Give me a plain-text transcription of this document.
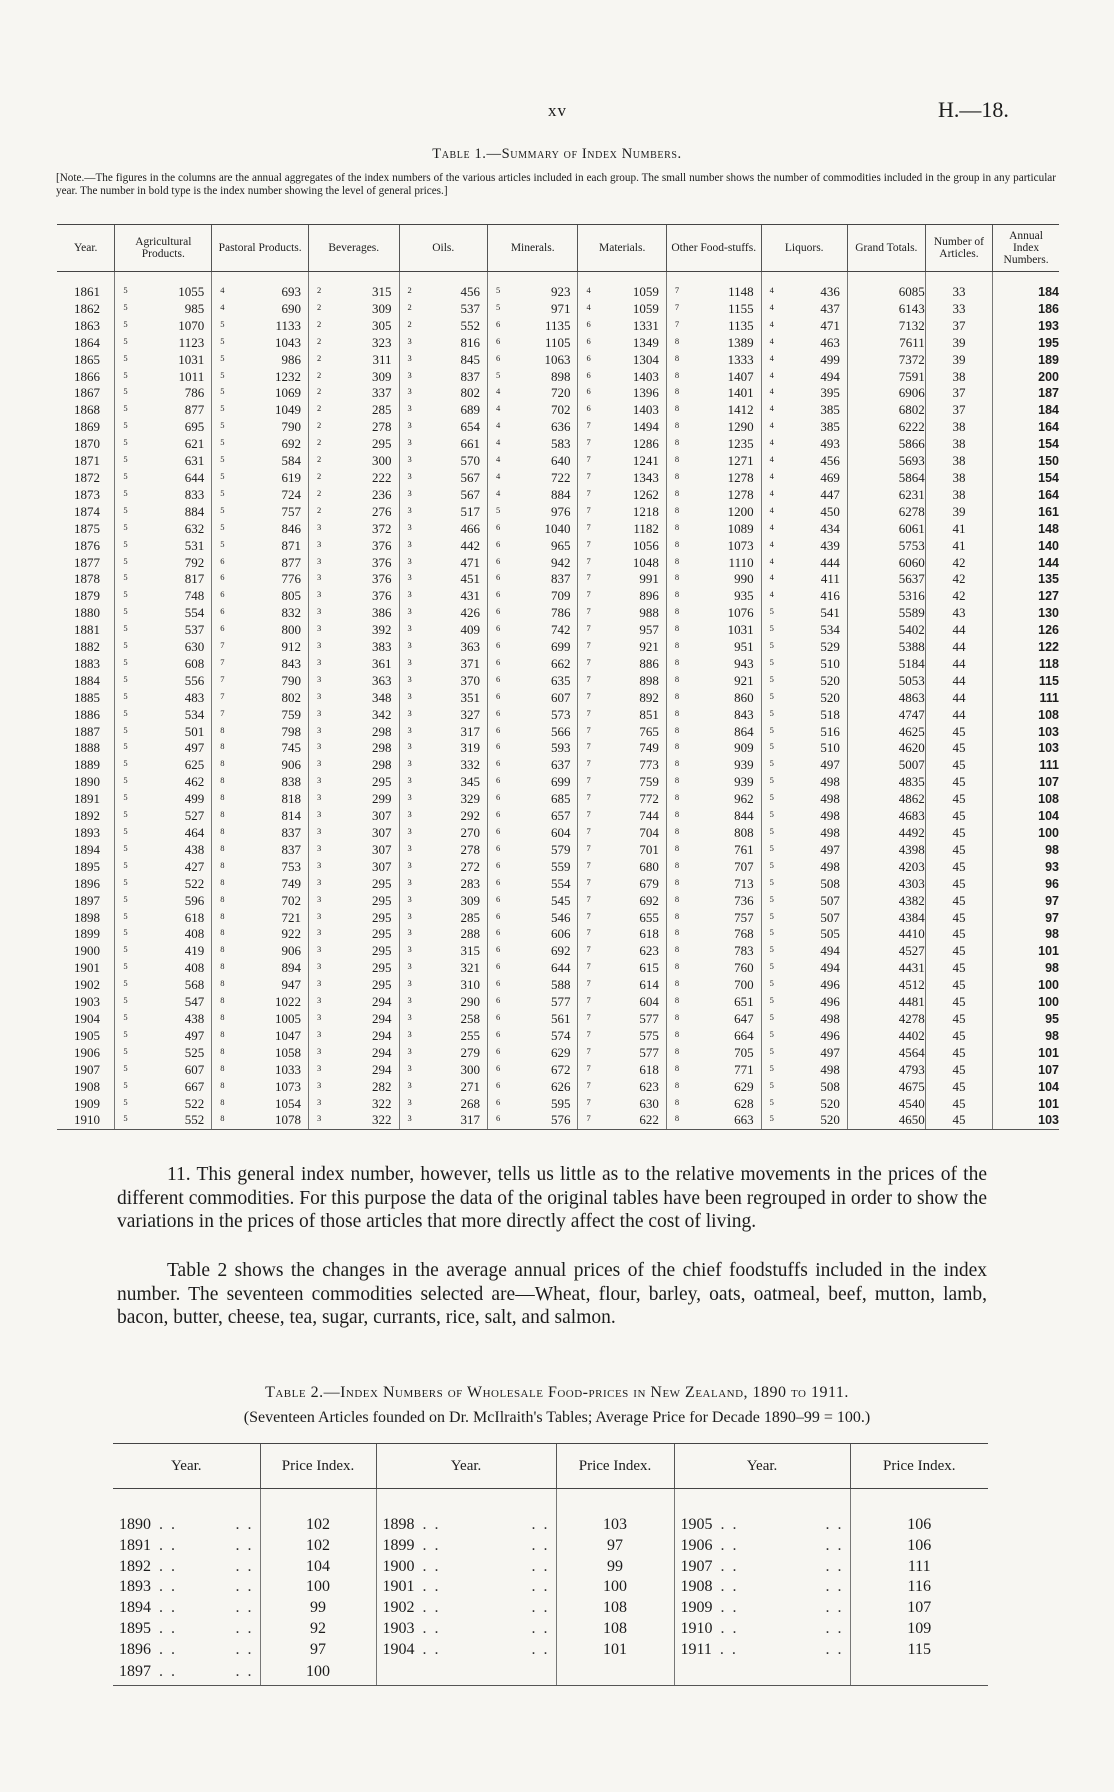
xv	H.—18.
Table 1.—Summary of Index Numbers.
[Note.—The figures in the columns are the annual aggregates of the index numbers of the various articles included in each group. The small number shows the number of commodities included in the group in any particular year. The number in bold type is the index number showing the level of general prices.]
Year.	Agricultural Products.	Pastoral Products.	Beverages.	Oils.	Minerals.	Materials.	Other Food-stuffs.	Liquors.	Grand Totals.	Number of Articles.	Annual Index Numbers.

1861	5 1055	4 693	2 315	2 456	5 923	4 1059	7 1148	4 436	6085	33	184
1862	5 985	4 690	2 309	2 537	5 971	4 1059	7 1155	4 437	6143	33	186
1863	5 1070	5 1133	2 305	2 552	6 1135	6 1331	7 1135	4 471	7132	37	193
1864	5 1123	5 1043	2 323	3 816	6 1105	6 1349	8 1389	4 463	7611	39	195
1865	5 1031	5 986	2 311	3 845	6 1063	6 1304	8 1333	4 499	7372	39	189
1866	5 1011	5 1232	2 309	3 837	5 898	6 1403	8 1407	4 494	7591	38	200
1867	5 786	5 1069	2 337	3 802	4 720	6 1396	8 1401	4 395	6906	37	187
1868	5 877	5 1049	2 285	3 689	4 702	6 1403	8 1412	4 385	6802	37	184
1869	5 695	5 790	2 278	3 654	4 636	7 1494	8 1290	4 385	6222	38	164
1870	5 621	5 692	2 295	3 661	4 583	7 1286	8 1235	4 493	5866	38	154
1871	5 631	5 584	2 300	3 570	4 640	7 1241	8 1271	4 456	5693	38	150
1872	5 644	5 619	2 222	3 567	4 722	7 1343	8 1278	4 469	5864	38	154
1873	5 833	5 724	2 236	3 567	4 884	7 1262	8 1278	4 447	6231	38	164
1874	5 884	5 757	2 276	3 517	5 976	7 1218	8 1200	4 450	6278	39	161
1875	5 632	5 846	3 372	3 466	6 1040	7 1182	8 1089	4 434	6061	41	148
1876	5 531	5 871	3 376	3 442	6 965	7 1056	8 1073	4 439	5753	41	140
1877	5 792	6 877	3 376	3 471	6 942	7 1048	8 1110	4 444	6060	42	144
1878	5 817	6 776	3 376	3 451	6 837	7 991	8 990	4 411	5637	42	135
1879	5 748	6 805	3 376	3 431	6 709	7 896	8 935	4 416	5316	42	127
1880	5 554	6 832	3 386	3 426	6 786	7 988	8 1076	5 541	5589	43	130
1881	5 537	6 800	3 392	3 409	6 742	7 957	8 1031	5 534	5402	44	126
1882	5 630	7 912	3 383	3 363	6 699	7 921	8 951	5 529	5388	44	122
1883	5 608	7 843	3 361	3 371	6 662	7 886	8 943	5 510	5184	44	118
1884	5 556	7 790	3 363	3 370	6 635	7 898	8 921	5 520	5053	44	115
1885	5 483	7 802	3 348	3 351	6 607	7 892	8 860	5 520	4863	44	111
1886	5 534	7 759	3 342	3 327	6 573	7 851	8 843	5 518	4747	44	108
1887	5 501	8 798	3 298	3 317	6 566	7 765	8 864	5 516	4625	45	103
1888	5 497	8 745	3 298	3 319	6 593	7 749	8 909	5 510	4620	45	103
1889	5 625	8 906	3 298	3 332	6 637	7 773	8 939	5 497	5007	45	111
1890	5 462	8 838	3 295	3 345	6 699	7 759	8 939	5 498	4835	45	107
1891	5 499	8 818	3 299	3 329	6 685	7 772	8 962	5 498	4862	45	108
1892	5 527	8 814	3 307	3 292	6 657	7 744	8 844	5 498	4683	45	104
1893	5 464	8 837	3 307	3 270	6 604	7 704	8 808	5 498	4492	45	100
1894	5 438	8 837	3 307	3 278	6 579	7 701	8 761	5 497	4398	45	98
1895	5 427	8 753	3 307	3 272	6 559	7 680	8 707	5 498	4203	45	93
1896	5 522	8 749	3 295	3 283	6 554	7 679	8 713	5 508	4303	45	96
1897	5 596	8 702	3 295	3 309	6 545	7 692	8 736	5 507	4382	45	97
1898	5 618	8 721	3 295	3 285	6 546	7 655	8 757	5 507	4384	45	97
1899	5 408	8 922	3 295	3 288	6 606	7 618	8 768	5 505	4410	45	98
1900	5 419	8 906	3 295	3 315	6 692	7 623	8 783	5 494	4527	45	101
1901	5 408	8 894	3 295	3 321	6 644	7 615	8 760	5 494	4431	45	98
1902	5 568	8 947	3 295	3 310	6 588	7 614	8 700	5 496	4512	45	100
1903	5 547	8 1022	3 294	3 290	6 577	7 604	8 651	5 496	4481	45	100
1904	5 438	8 1005	3 294	3 258	6 561	7 577	8 647	5 498	4278	45	95
1905	5 497	8 1047	3 294	3 255	6 574	7 575	8 664	5 496	4402	45	98
1906	5 525	8 1058	3 294	3 279	6 629	7 577	8 705	5 497	4564	45	101
1907	5 607	8 1033	3 294	3 300	6 672	7 618	8 771	5 498	4793	45	107
1908	5 667	8 1073	3 282	3 271	6 626	7 623	8 629	5 508	4675	45	104
1909	5 522	8 1054	3 322	3 268	6 595	7 630	8 628	5 520	4540	45	101
1910	5 552	8 1078	3 322	3 317	6 576	7 622	8 663	5 520	4650	45	103
11. This general index number, however, tells us little as to the relative movements in the prices of the different commodities. For this purpose the data of the original tables have been regrouped in order to show the variations in the prices of those articles that more directly affect the cost of living.
Table 2 shows the changes in the average annual prices of the chief foodstuffs included in the index number. The seventeen commodities selected are—Wheat, flour, barley, oats, oatmeal, beef, mutton, lamb, bacon, butter, cheese, tea, sugar, currants, rice, salt, and salmon.
Table 2.—Index Numbers of Wholesale Food-prices in New Zealand, 1890 to 1911.
(Seventeen Articles founded on Dr. McIlraith's Tables; Average Price for Decade 1890–99 = 100.)
Year.	Price Index.	Year.	Price Index.	Year.	Price Index.

1890 . . . .	102	1898 . . . .	103	1905 . . . .	106
1891 . . . .	102	1899 . . . .	97	1906 . . . .	106
1892 . . . .	104	1900 . . . .	99	1907 . . . .	111
1893 . . . .	100	1901 . . . .	100	1908 . . . .	116
1894 . . . .	99	1902 . . . .	108	1909 . . . .	107
1895 . . . .	92	1903 . . . .	108	1910 . . . .	109
1896 . . . .	97	1904 . . . .	101	1911 . . . .	115
1897 . . . .	100				
